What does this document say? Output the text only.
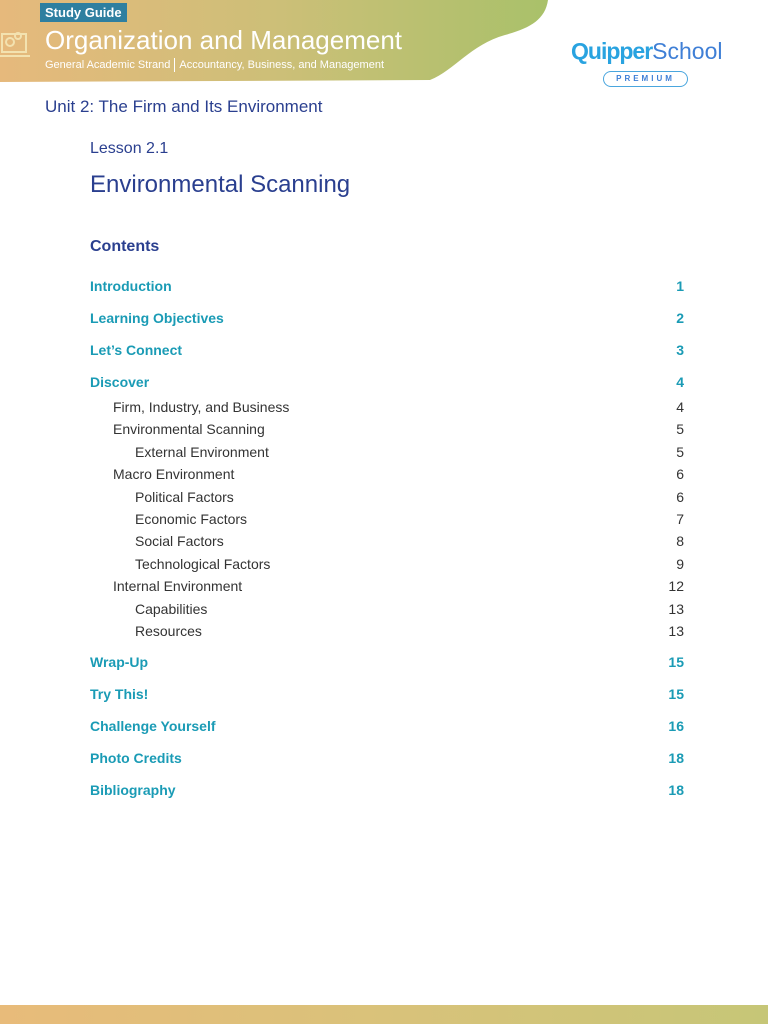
Study Guide
Organization and Management
General Academic Strand Accountancy, Business, and Management
QuipperSchool
PREMIUM
Unit 2: The Firm and Its Environment
Lesson 2.1
Environmental Scanning
Contents
Introduction	1
Learning Objectives	2
Let’s Connect	3
Discover	4
Firm, Industry, and Business	4
Environmental Scanning	5
External Environment	5
Macro Environment	6
Political Factors	6
Economic Factors	7
Social Factors	8
Technological Factors	9
Internal Environment	12
Capabilities	13
Resources	13
Wrap-Up	15
Try This!	15
Challenge Yourself	16
Photo Credits	18
Bibliography	18
